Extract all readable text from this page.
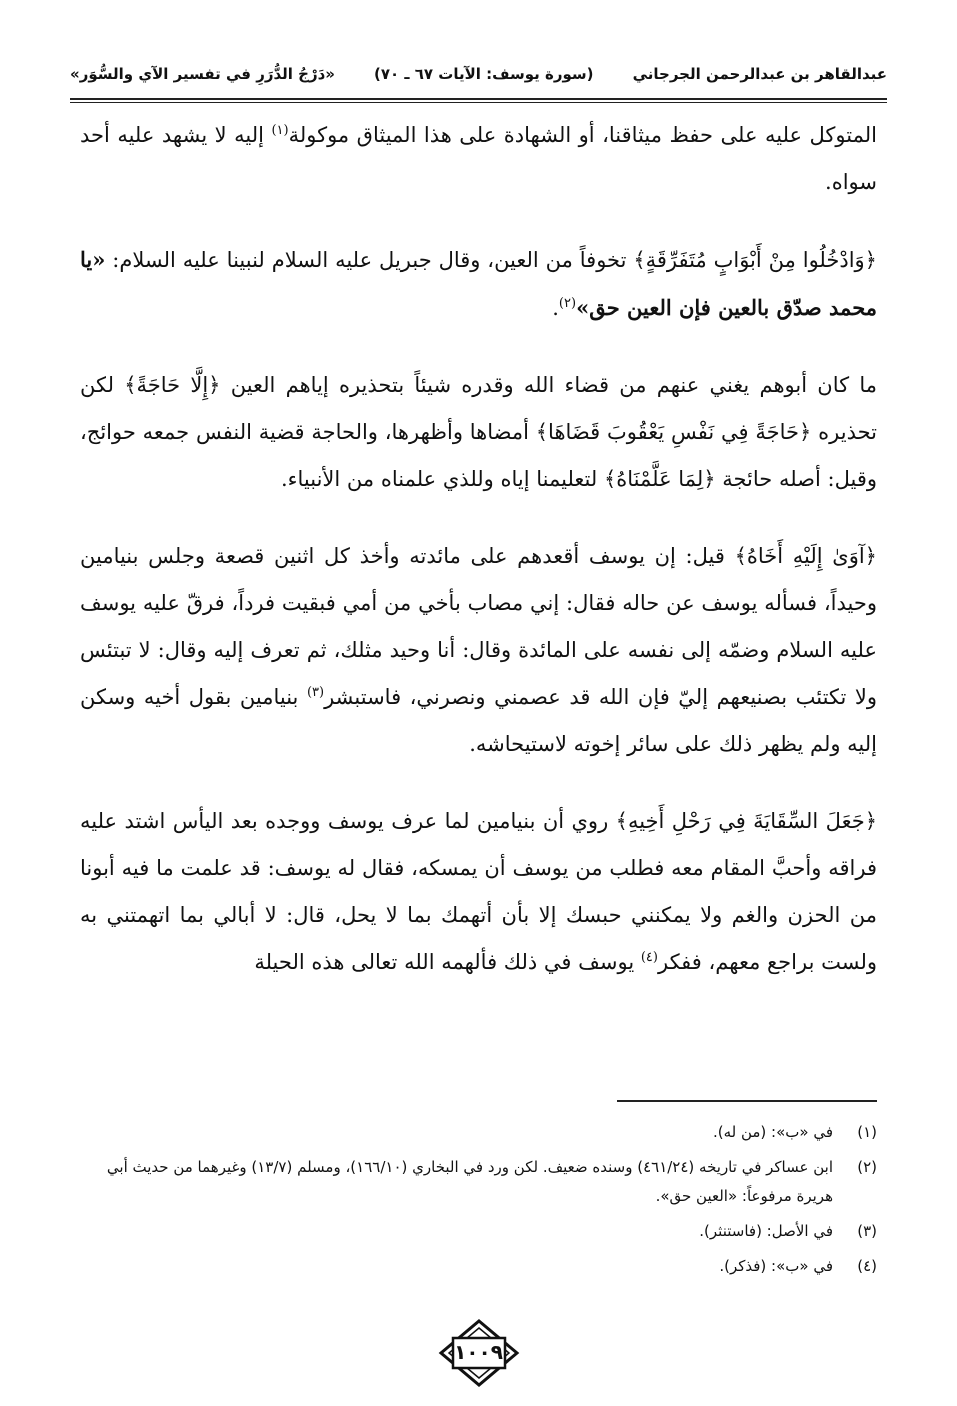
«دَرْجُ الدُّرَرِ في تفسير الآي والسُّوَر»	(سورة يوسف: الآيات ٦٧ ـ ٧٠)	عبدالقاهر بن عبدالرحمن الجرجاني

المتوكل عليه على حفظ ميثاقنا، أو الشهادة على هذا الميثاق موكولة$^{(١)}$ إليه لا يشهد عليه أحد سواه.

﴿وَادْخُلُوا مِنْ أَبْوَابٍ مُتَفَرِّقَةٍ﴾ تخوفاً من العين، وقال جبريل عليه السلام لنبينا عليه السلام: «يا محمد صدّق بالعين فإن العين حق»$^{(٢)}$.

ما كان أبوهم يغني عنهم من قضاء الله وقدره شيئاً بتحذيره إياهم العين ﴿إِلَّا حَاجَةً﴾ لكن تحذيره ﴿حَاجَةً فِي نَفْسِ يَعْقُوبَ قَضَاهَا﴾ أمضاها وأظهرها، والحاجة قضية النفس جمعه حوائج، وقيل: أصله حائجة ﴿لِمَا عَلَّمْنَاهُ﴾ لتعليمنا إياه وللذي علمناه من الأنبياء.

﴿آوَىٰ إِلَيْهِ أَخَاهُ﴾ قيل: إن يوسف أقعدهم على مائدته وأخذ كل اثنين قصعة وجلس بنيامين وحيداً، فسأله يوسف عن حاله فقال: إني مصاب بأخي من أمي فبقيت فرداً، فرقّ عليه يوسف عليه السلام وضمّه إلى نفسه على المائدة وقال: أنا وحيد مثلك، ثم تعرف إليه وقال: لا تبتئس ولا تكتئب بصنيعهم إليّ فإن الله قد عصمني ونصرني، فاستبشر$^{(٣)}$ بنيامين بقول أخيه وسكن إليه ولم يظهر ذلك على سائر إخوته لاستيحاشه.

﴿جَعَلَ السِّقَايَةَ فِي رَحْلِ أَخِيهِ﴾ روي أن بنيامين لما عرف يوسف ووجده بعد اليأس اشتد عليه فراقه وأحبَّ المقام معه فطلب من يوسف أن يمسكه، فقال له يوسف: قد علمت ما فيه أبونا من الحزن والغم ولا يمكنني حبسك إلا بأن أتهمك بما لا يحل، قال: لا أبالي بما اتهمتني به ولست براجع معهم، ففكر$^{(٤)}$ يوسف في ذلك فألهمه الله تعالى هذه الحيلة

(١)
في «ب»: (من له).

(٢)
ابن عساكر في تاريخه (٤٦١/٢٤) وسنده ضعيف. لكن ورد في البخاري (١٦٦/١٠)، ومسلم (١٣/٧) وغيرهما من حديث أبي هريرة مرفوعاً: «العين حق».

(٣)
في الأصل: (فاستنثر).

(٤)
في «ب»: (فذكر).

١٠٠٩
